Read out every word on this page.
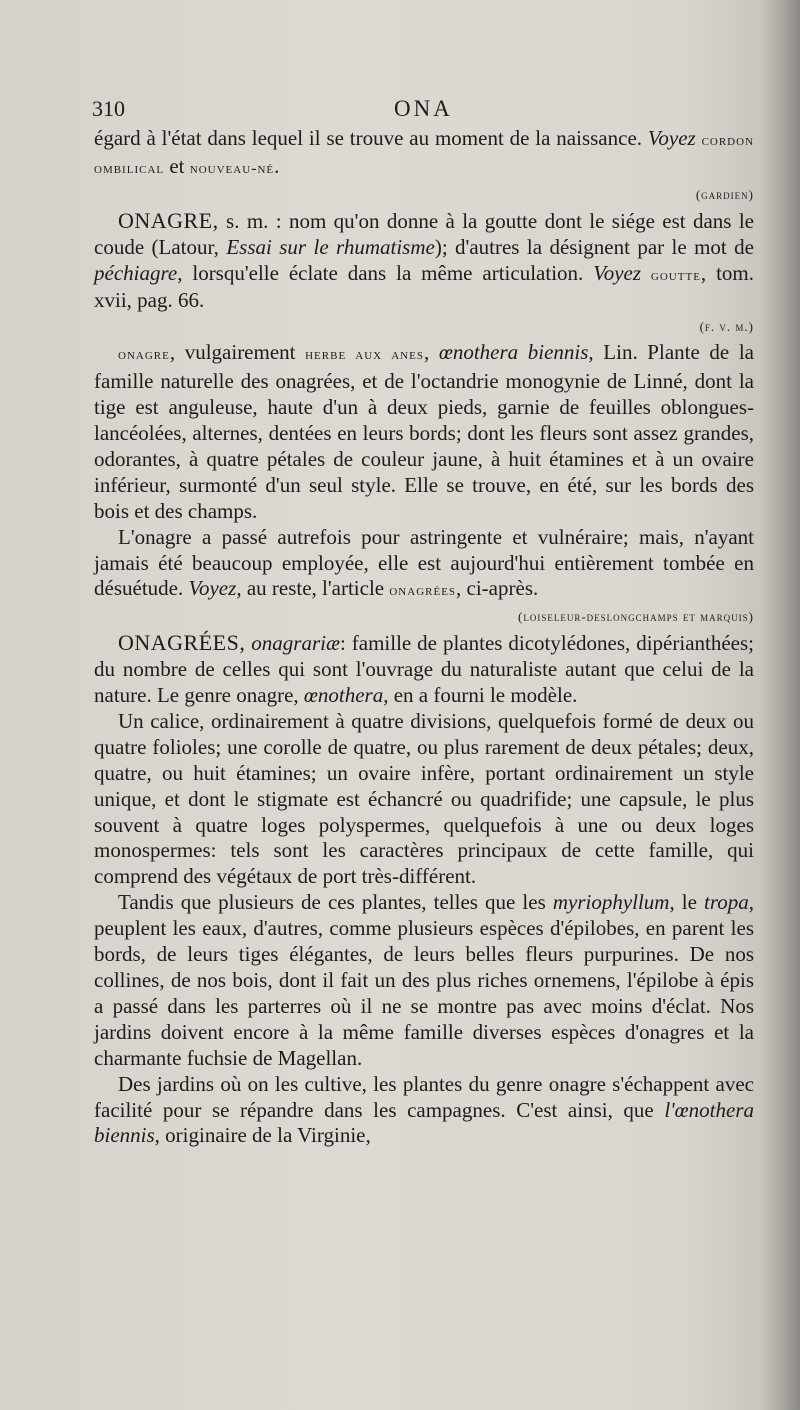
310	ONA

égard à l'état dans lequel il se trouve au moment de la naissance. Voyez cordon ombilical et nouveau-né.

(gardien)

ONAGRE, s. m. : nom qu'on donne à la goutte dont le siége est dans le coude (Latour, Essai sur le rhumatisme); d'autres la désignent par le mot de péchiagre, lorsqu'elle éclate dans la même articulation. Voyez goutte, tom. xvii, pag. 66.

(f. v. m.)

onagre, vulgairement herbe aux anes, œnothera biennis, Lin. Plante de la famille naturelle des onagrées, et de l'octandrie monogynie de Linné, dont la tige est anguleuse, haute d'un à deux pieds, garnie de feuilles oblongues-lancéolées, alternes, dentées en leurs bords; dont les fleurs sont assez grandes, odorantes, à quatre pétales de couleur jaune, à huit étamines et à un ovaire inférieur, surmonté d'un seul style. Elle se trouve, en été, sur les bords des bois et des champs.

L'onagre a passé autrefois pour astringente et vulnéraire; mais, n'ayant jamais été beaucoup employée, elle est aujourd'hui entièrement tombée en désuétude. Voyez, au reste, l'article onagrées, ci-après.

(loiseleur-deslongchamps et marquis)

ONAGRÉES, onagrariæ: famille de plantes dicotylédones, dipérianthées; du nombre de celles qui sont l'ouvrage du naturaliste autant que celui de la nature. Le genre onagre, œnothera, en a fourni le modèle.

Un calice, ordinairement à quatre divisions, quelquefois formé de deux ou quatre folioles; une corolle de quatre, ou plus rarement de deux pétales; deux, quatre, ou huit étamines; un ovaire infère, portant ordinairement un style unique, et dont le stigmate est échancré ou quadrifide; une capsule, le plus souvent à quatre loges polyspermes, quelquefois à une ou deux loges monospermes: tels sont les caractères principaux de cette famille, qui comprend des végétaux de port très-différent.

Tandis que plusieurs de ces plantes, telles que les myriophyllum, le tropa, peuplent les eaux, d'autres, comme plusieurs espèces d'épilobes, en parent les bords, de leurs tiges élégantes, de leurs belles fleurs purpurines. De nos collines, de nos bois, dont il fait un des plus riches ornemens, l'épilobe à épis a passé dans les parterres où il ne se montre pas avec moins d'éclat. Nos jardins doivent encore à la même famille diverses espèces d'onagres et la charmante fuchsie de Magellan.

Des jardins où on les cultive, les plantes du genre onagre s'échappent avec facilité pour se répandre dans les campagnes. C'est ainsi, que l'œnothera biennis, originaire de la Virginie,
